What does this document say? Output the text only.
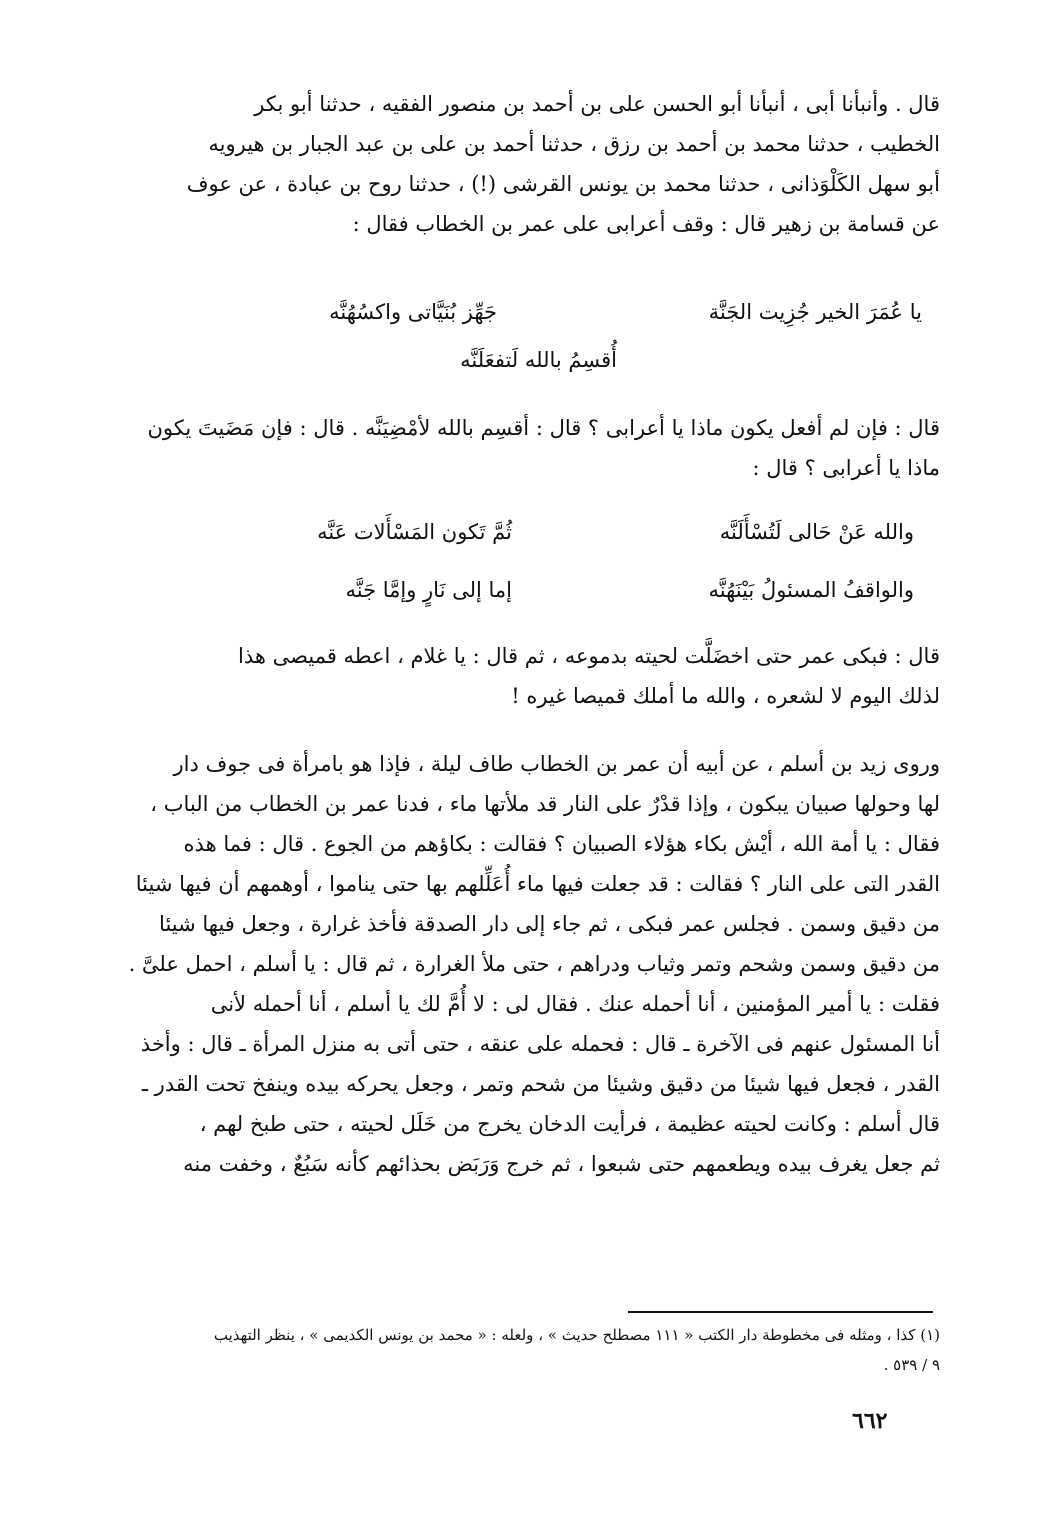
قال . وأنبأنا أبى ، أنبأنا أبو الحسن على بن أحمد بن منصور الفقيه ، حدثنا أبو بكر
الخطيب ، حدثنا محمد بن أحمد بن رزق ، حدثنا أحمد بن على بن عبد الجبار بن هيرويه
أبو سهل الكَلْوَذانى ، حدثنا محمد بن يونس القرشى (!) ، حدثنا روح بن عبادة ، عن عوف
عن قسامة بن زهير قال : وقف أعرابى على عمر بن الخطاب فقال :
يا عُمَرَ الخير جُزِيت الجَنَّة
جَهِّز بُنَيَّاتى واكسُهُنَّه
أُقسِمُ بالله لَتفعَلَنَّه
قال : فإن لم أفعل يكون ماذا يا أعرابى ؟ قال : أقسِم بالله لأمْضِيَنَّه . قال : فإن مَضَيتَ يكون
ماذا يا أعرابى ؟ قال :
والله عَنْ حَالى لَتُسْأَلَنَّه
ثُمَّ تَكون المَسْأَلات عَنَّه
والواقفُ المسئولُ بَيْنَهُنَّه
إما إلى نَارٍ وإمَّا جَنَّه
قال : فبكى عمر حتى اخضَلَّت لحيته بدموعه ، ثم قال : يا غلام ، اعطه قميصى هذا
لذلك اليوم لا لشعره ، والله ما أملك قميصا غيره !
وروى زيد بن أسلم ، عن أبيه أن عمر بن الخطاب طاف ليلة ، فإذا هو بامرأة فى جوف دار
لها وحولها صبيان يبكون ، وإذا قدْرٌ على النار قد ملأتها ماء ، فدنا عمر بن الخطاب من الباب ،
فقال : يا أمة الله ، أيْش بكاء هؤلاء الصبيان ؟ فقالت : بكاؤهم من الجوع . قال : فما هذه
القدر التى على النار ؟ فقالت : قد جعلت فيها ماء أُعَلِّلهم بها حتى يناموا ، أوهمهم أن فيها شيئا
من دقيق وسمن . فجلس عمر فبكى ، ثم جاء إلى دار الصدقة فأخذ غرارة ، وجعل فيها شيئا
من دقيق وسمن وشحم وتمر وثياب ودراهم ، حتى ملأ الغرارة ، ثم قال : يا أسلم ، احمل علىَّ .
فقلت : يا أمير المؤمنين ، أنا أحمله عنك . فقال لى : لا أُمَّ لك يا أسلم ، أنا أحمله لأنى
أنا المسئول عنهم فى الآخرة ـ قال : فحمله على عنقه ، حتى أتى به منزل المرأة ـ قال : وأخذ
القدر ، فجعل فيها شيئا من دقيق وشيئا من شحم وتمر ، وجعل يحركه بيده وينفخ تحت القدر ـ
قال أسلم : وكانت لحيته عظيمة ، فرأيت الدخان يخرج من خَلَل لحيته ، حتى طبخ لهم ،
ثم جعل يغرف بيده ويطعمهم حتى شبعوا ، ثم خرج وَرَبَض بحذائهم كأنه سَبُعٌ ، وخفت منه
(١) كذا ، ومثله فى مخطوطة دار الكتب « ١١١ مصطلح حديث » ، ولعله : « محمد بن يونس الكديمى » ، ينظر التهذيب
٩ / ٥٣٩ .
٦٦٢
